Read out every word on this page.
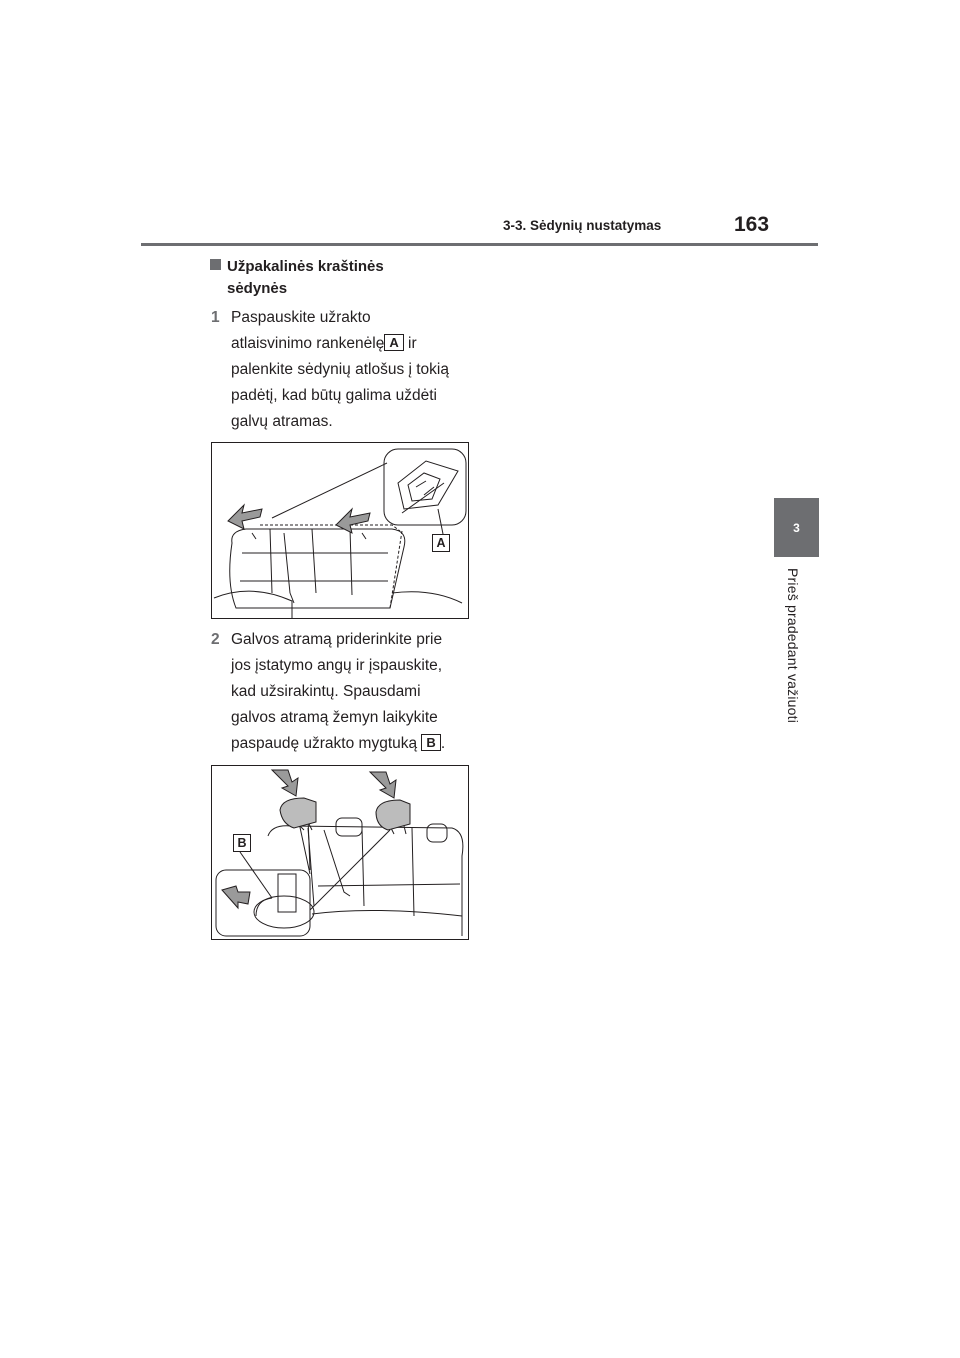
3-3. Sėdynių nustatymas	163
3
Prieš pradedant važiuoti
Užpakalinės kraštinės
sėdynės
1 Paspauskite užrakto
atlaisvinimo rankenėlę A ir
palenkite sėdynių atlošus į tokią
padėtį, kad būtų galima uždėti
galvų atramas.
A
2 Galvos atramą priderinkite prie
jos įstatymo angų ir įspauskite,
kad užsirakintų. Spausdami
galvos atramą žemyn laikykite
paspaudę užrakto mygtuką B .
B
